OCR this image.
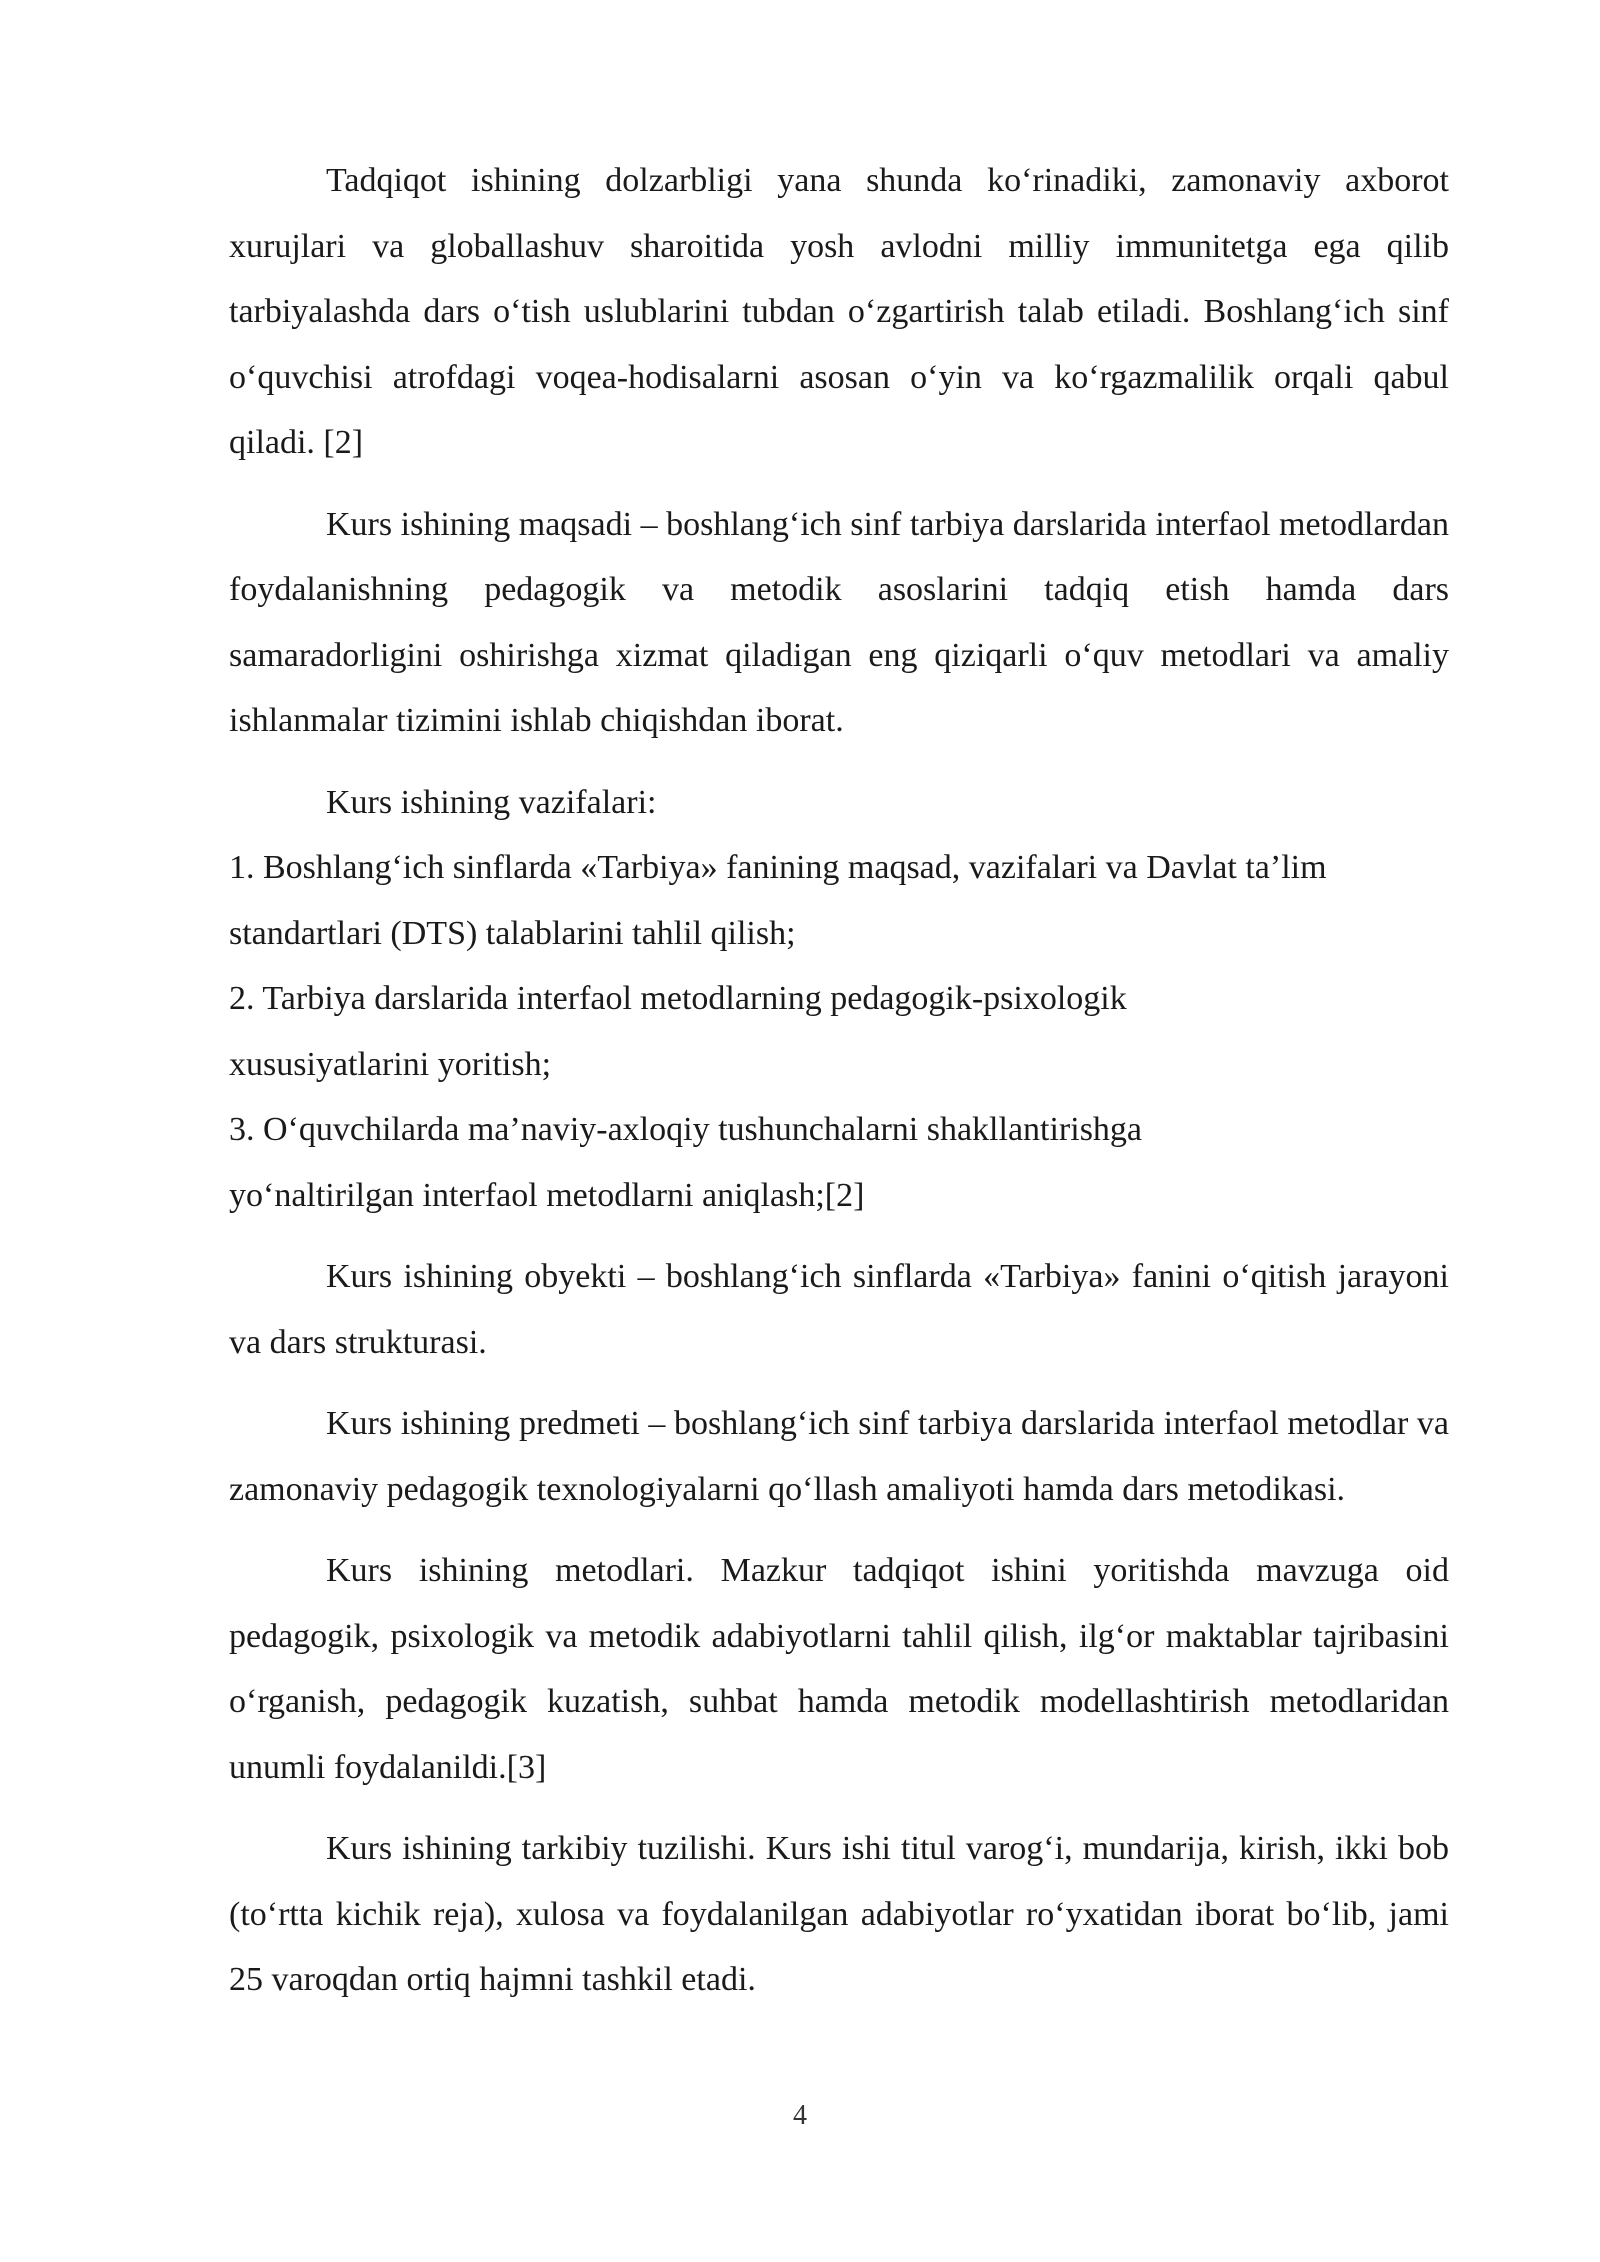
Tadqiqot ishining dolzarbligi yana shunda ko‘rinadiki, zamonaviy axborot xurujlari va globallashuv sharoitida yosh avlodni milliy immunitetga ega qilib tarbiyalashda dars o‘tish uslublarini tubdan o‘zgartirish talab etiladi. Boshlang‘ich sinf o‘quvchisi atrofdagi voqea-hodisalarni asosan o‘yin va ko‘rgazmalilik orqali qabul qiladi. [2]

Kurs ishining maqsadi – boshlang‘ich sinf tarbiya darslarida interfaol metodlardan foydalanishning pedagogik va metodik asoslarini tadqiq etish hamda dars samaradorligini oshirishga xizmat qiladigan eng qiziqarli o‘quv metodlari va amaliy ishlanmalar tizimini ishlab chiqishdan iborat.

Kurs ishining vazifalari:

1. Boshlang‘ich sinflarda «Tarbiya» fanining maqsad, vazifalari va Davlat ta’lim standartlari (DTS) talablarini tahlil qilish;

2. Tarbiya darslarida interfaol metodlarning pedagogik-psixologik xususiyatlarini yoritish;

3. O‘quvchilarda ma’naviy-axloqiy tushunchalarni shakllantirishga yo‘naltirilgan interfaol metodlarni aniqlash;[2]

Kurs ishining obyekti – boshlang‘ich sinflarda «Tarbiya» fanini o‘qitish jarayoni va dars strukturasi.

Kurs ishining predmeti – boshlang‘ich sinf tarbiya darslarida interfaol metodlar va zamonaviy pedagogik texnologiyalarni qo‘llash amaliyoti hamda dars metodikasi.

Kurs ishining metodlari. Mazkur tadqiqot ishini yoritishda mavzuga oid pedagogik, psixologik va metodik adabiyotlarni tahlil qilish, ilg‘or maktablar tajribasini o‘rganish, pedagogik kuzatish, suhbat hamda metodik modellashtirish metodlaridan unumli foydalanildi.[3]

Kurs ishining tarkibiy tuzilishi. Kurs ishi titul varog‘i, mundarija, kirish, ikki bob (to‘rtta kichik reja), xulosa va foydalanilgan adabiyotlar ro‘yxatidan iborat bo‘lib, jami 25 varoqdan ortiq hajmni tashkil etadi.

4
